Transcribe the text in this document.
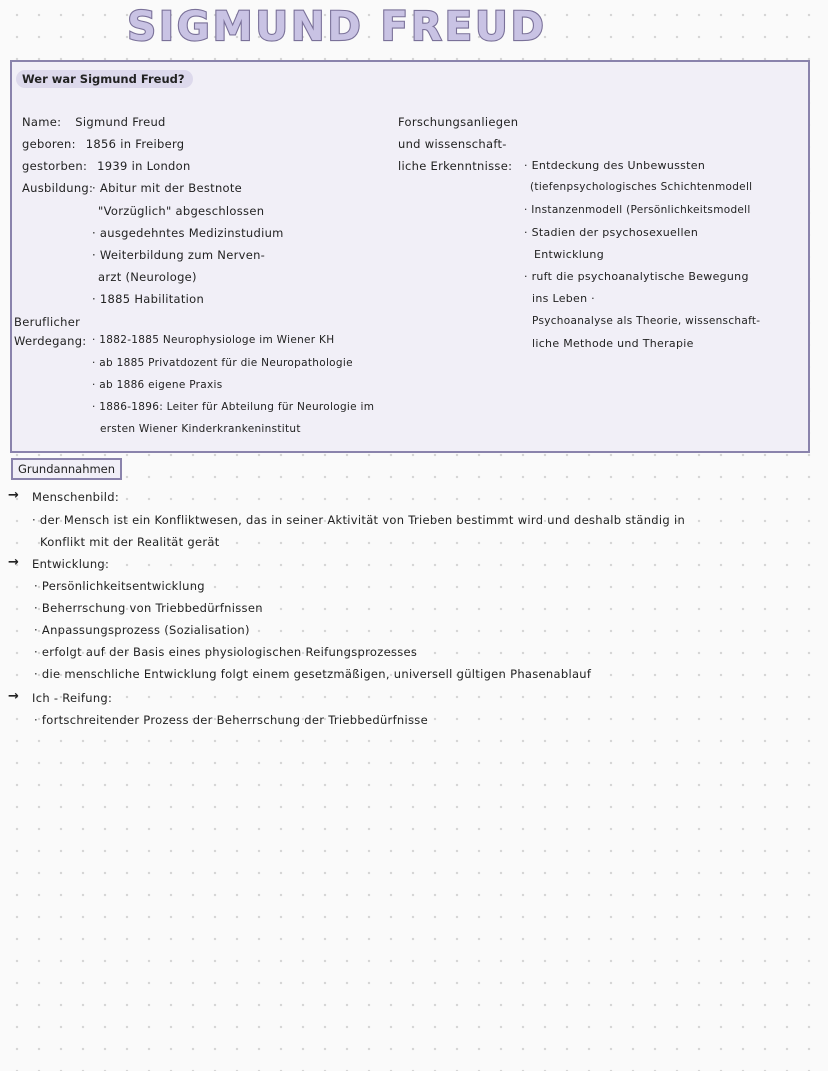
SIGMUND FREUD
Wer war Sigmund Freud?
Name: Sigmund Freud
geboren: 1856 in Freiberg
gestorben: 1939 in London
Ausbildung:
· Abitur mit der Bestnote
"Vorzüglich" abgeschlossen
· ausgedehntes Medizinstudium
· Weiterbildung zum Nerven-
arzt (Neurologe)
· 1885 Habilitation
Beruflicher
Werdegang: · 1882-1885 Neurophysiologe im Wiener KH
· ab 1885 Privatdozent für die Neuropathologie
· ab 1886 eigene Praxis
· 1886-1896: Leiter für Abteilung für Neurologie im
ersten Wiener Kinderkrankeninstitut
Forschungsanliegen
und wissenschaft-
liche Erkenntnisse: · Entdeckung des Unbewussten
(tiefenpsychologisches Schichtenmodell
· Instanzenmodell (Persönlichkeitsmodell
· Stadien der psychosexuellen
Entwicklung
· ruft die psychoanalytische Bewegung
ins Leben ·
Psychoanalyse als Theorie, wissenschaft-
liche Methode und Therapie
Grundannahmen
→ Menschenbild:
· der Mensch ist ein Konfliktwesen, das in seiner Aktivität von Trieben bestimmt wird und deshalb ständig in
Konflikt mit der Realität gerät
→ Entwicklung:
· Persönlichkeitsentwicklung
· Beherrschung von Triebbedürfnissen
· Anpassungsprozess (Sozialisation)
· erfolgt auf der Basis eines physiologischen Reifungsprozesses
· die menschliche Entwicklung folgt einem gesetzmäßigen, universell gültigen Phasenablauf
→ Ich - Reifung:
· fortschreitender Prozess der Beherrschung der Triebbedürfnisse
